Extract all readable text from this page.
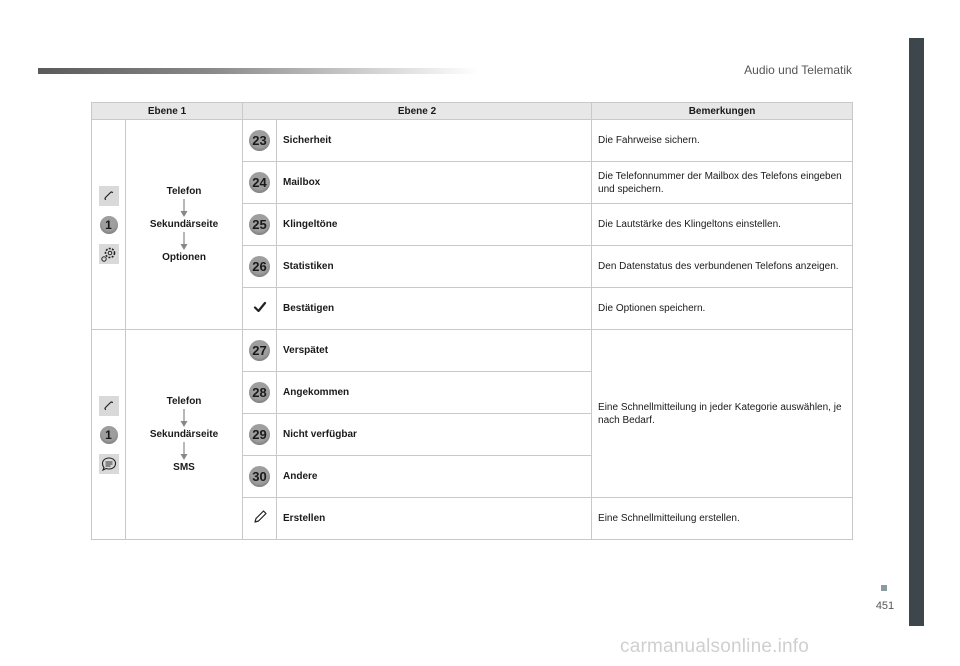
Audio und Telematik
Ebene 1		Ebene 2		Bemerkungen

1	Telefon
Sekundärseite
Optionen	23	Sicherheit	Die Fahrweise sichern.
		24	Mailbox	Die Telefonnummer der Mailbox des Telefons eingeben und speichern.
		25	Klingeltöne	Die Lautstärke des Klingeltons einstellen.
		26	Statistiken	Den Datenstatus des verbundenen Telefons anzeigen.
	Bestätigen	Die Optionen speichern.

1	Telefon
Sekundärseite
SMS	27	Verspätet	Eine Schnellmitteilung in jeder Kategorie auswählen, je nach Bedarf.
		28	Angekommen	
		29	Nicht verfügbar	
		30	Andere	
	Erstellen	Eine Schnellmitteilung erstellen.
451
carmanualsonline.info
